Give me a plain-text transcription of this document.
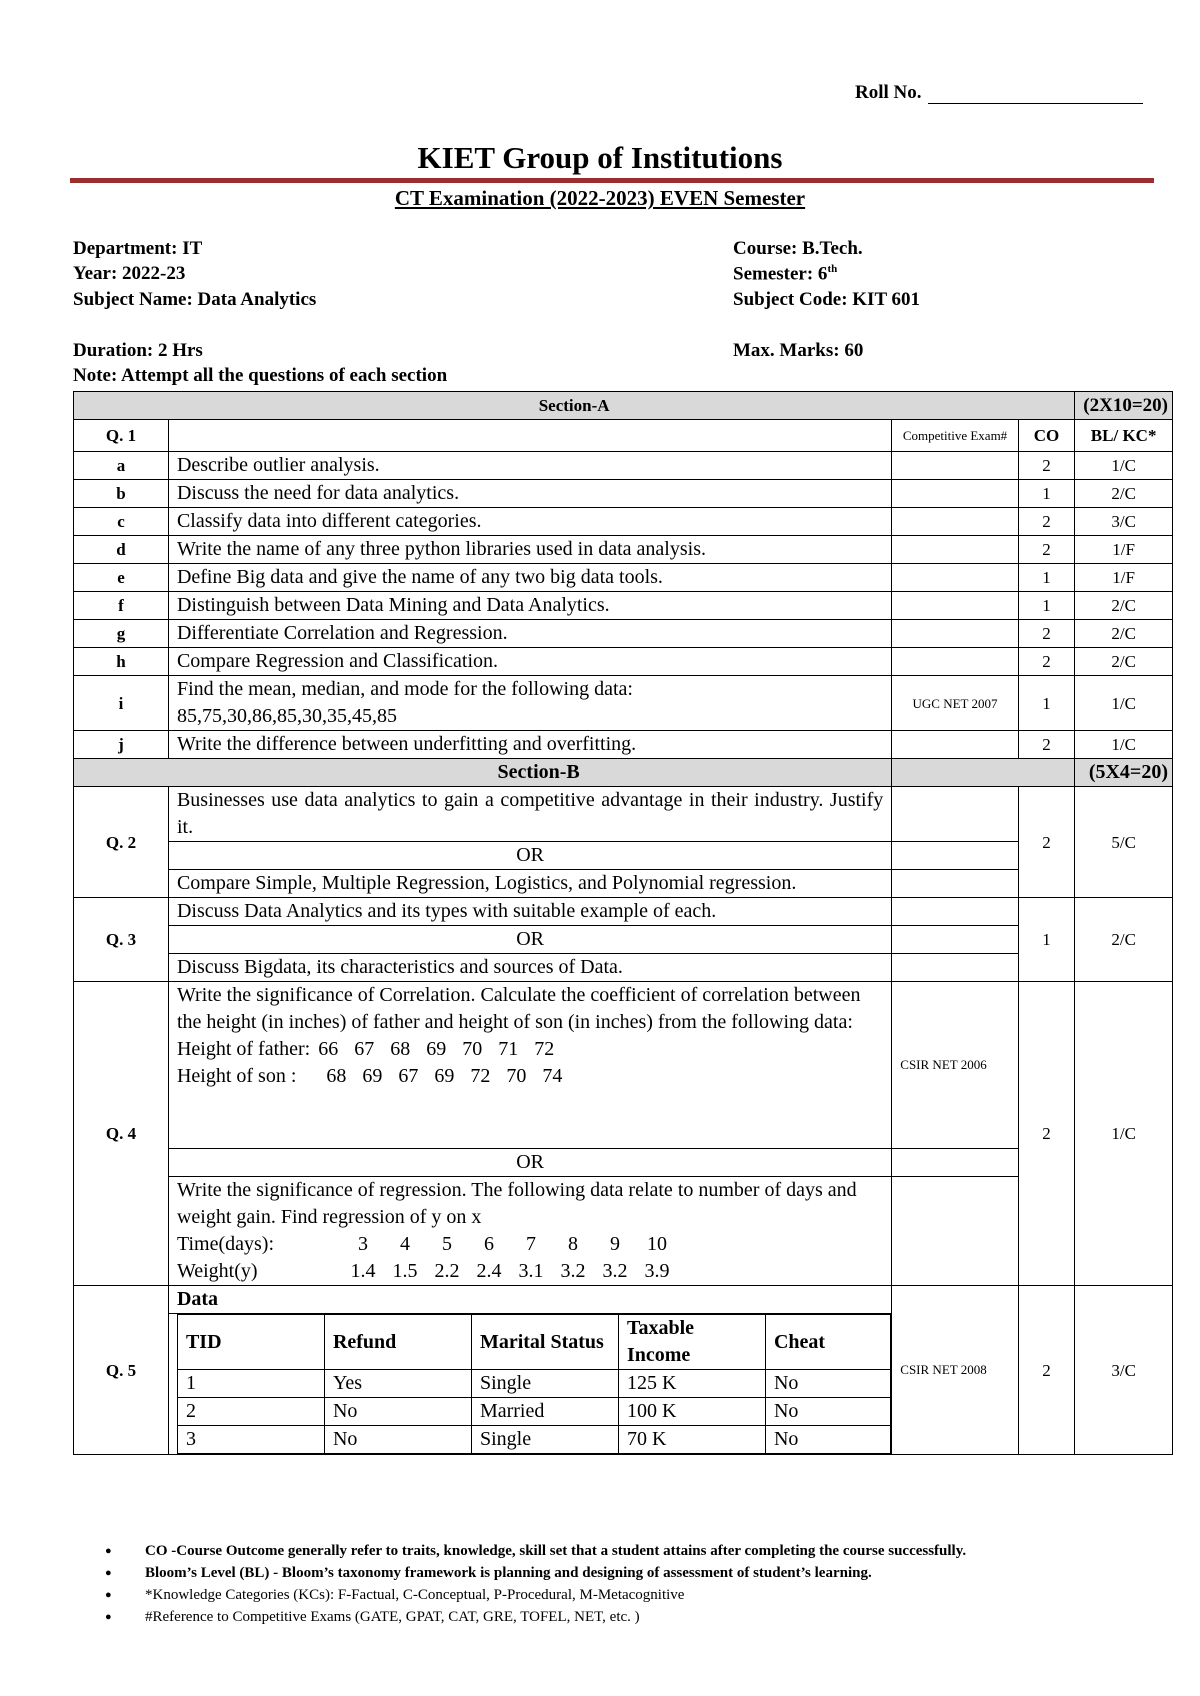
Roll No.
KIET Group of Institutions
CT Examination (2022-2023) EVEN Semester
Department: IT
Year: 2022-23
Subject Name: Data Analytics
Duration: 2 Hrs
Note: Attempt all the questions of each section
Course: B.Tech.
Semester: 6th
Subject Code: KIT 601
Max. Marks: 60
Section-A	(2X10=20)
Q. 1		Competitive Exam#	CO	BL/ KC*
a	Describe outlier analysis.		2	1/C
b	Discuss the need for data analytics.		1	2/C
c	Classify data into different categories.		2	3/C
d	Write the name of any three python libraries used in data analysis.		2	1/F
e	Define Big data and give the name of any two big data tools.		1	1/F
f	Distinguish between Data Mining and Data Analytics.		1	2/C
g	Differentiate Correlation and Regression.		2	2/C
h	Compare Regression and Classification.		2	2/C
i	
Find the mean, median, and mode for the following data:
85,75,30,86,85,30,35,45,85
	UGC NET 2007	1	1/C
j	Write the difference between underfitting and overfitting.		2	1/C
Section-B		(5X4=20)
Q. 2	Businesses use data analytics to gain a competitive advantage in their industry. Justify it.		2	5/C
OR	
Compare Simple, Multiple Regression, Logistics, and Polynomial regression.	
Q. 3	Discuss Data Analytics and its types with suitable example of each.		1	2/C
OR	
Discuss Bigdata, its characteristics and sources of Data.	
Q. 4	
Write the significance of Correlation. Calculate the coefficient of correlation between the height (in inches) of father and height of son (in inches) from the following data:
Height of father: 66 67 68 69 70 71 72
Height of son : 68 69 67 69 72 70 74
	CSIR NET 2006	2	1/C
OR	

Write the significance of regression. The following data relate to number of days and weight gain. Find regression of y on x
Time(days):	3 4 5 6 7 8 9 10
Weight(y)	1.4 1.5 2.2 2.4 3.1 3.2 3.2 3.9

Q. 5	
Data
TID	Refund	Marital Status	Taxable Income	Cheat
1	Yes	Single	125 K	No
2	No	Married	100 K	No
3	No	Single	70 K	No
	CSIR NET 2008	2	3/C
● CO -Course Outcome generally refer to traits, knowledge, skill set that a student attains after completing the course successfully.
● Bloom’s Level (BL) - Bloom’s taxonomy framework is planning and designing of assessment of student’s learning.
● *Knowledge Categories (KCs): F-Factual, C-Conceptual, P-Procedural, M-Metacognitive
● #Reference to Competitive Exams (GATE, GPAT, CAT, GRE, TOFEL, NET, etc. )
